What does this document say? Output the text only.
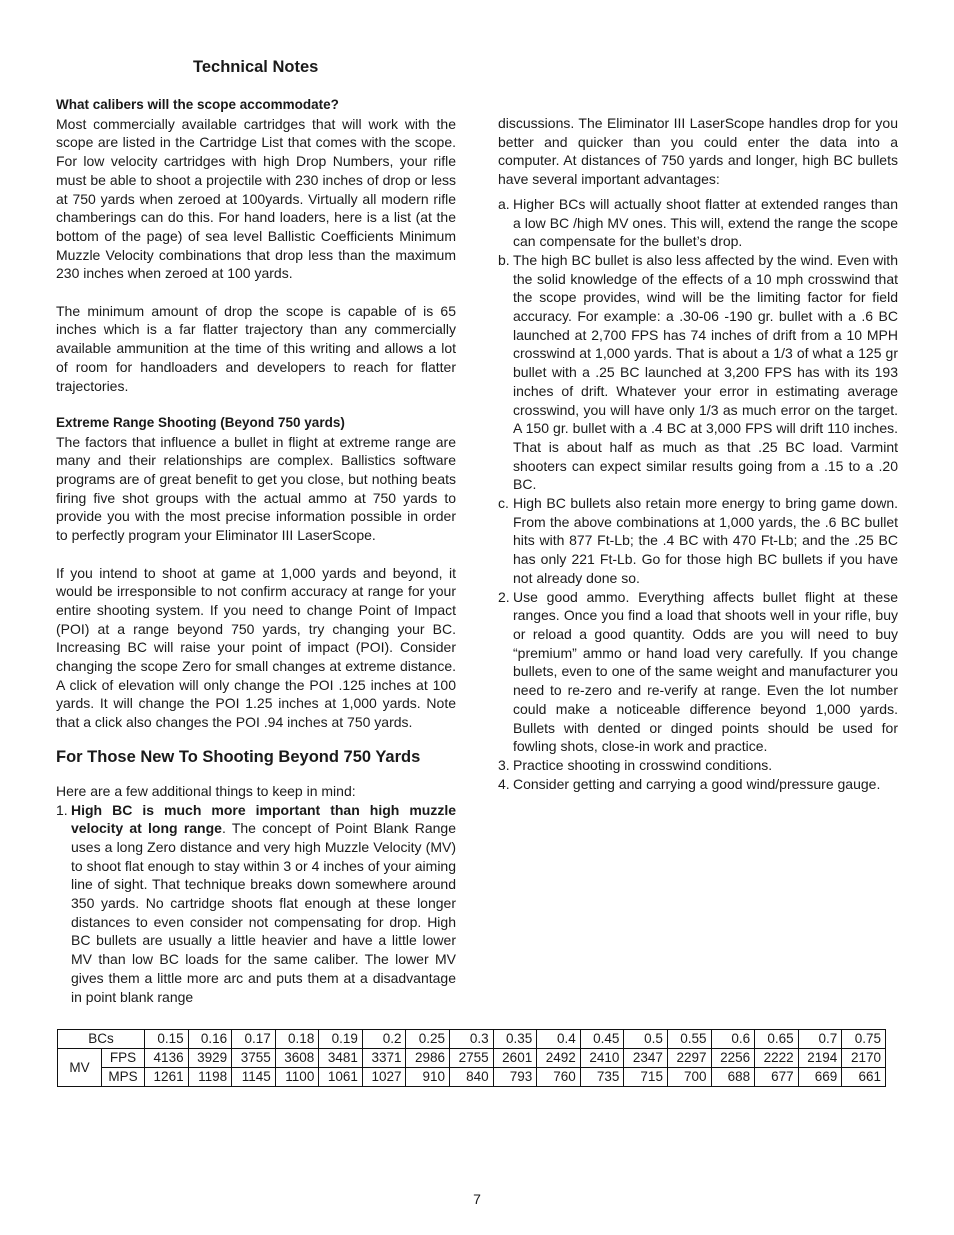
Technical Notes
What calibers will the scope accommodate?

Most commercially available cartridges that will work with the scope are listed in the Cartridge List that comes with the scope. For low velocity cartridges with high Drop Numbers, your rifle must be able to shoot a projectile with 230 inches of drop or less at 750 yards when zeroed at 100yards. Virtually all modern rifle chamberings can do this. For hand loaders, here is a list (at the bottom of the page) of sea level Ballistic Coefficients Minimum Muzzle Velocity combinations that drop less than the maximum 230 inches when zeroed at 100 yards.

The minimum amount of drop the scope is capable of is 65 inches which is a far flatter trajectory than any commercially available ammunition at the time of this writing and allows a lot of room for handloaders and developers to reach for flatter trajectories.

Extreme Range Shooting (Beyond 750 yards)

The factors that influence a bullet in flight at extreme range are many and their relationships are complex. Ballistics software programs are of great benefit to get you close, but nothing beats firing five shot groups with the actual ammo at 750 yards to provide you with the most precise information possible in order to perfectly program your Eliminator III LaserScope.

If you intend to shoot at game at 1,000 yards and beyond, it would be irresponsible to not confirm accuracy at range for your entire shooting system. If you need to change Point of Impact (POI) at a range beyond 750 yards, try changing your BC. Increasing BC will raise your point of impact (POI). Consider changing the scope Zero for small changes at extreme distance. A click of elevation will only change the POI .125 inches at 100 yards. It will change the POI 1.25 inches at 1,000 yards. Note that a click also changes the POI .94 inches at 750 yards.

For Those New To Shooting Beyond 750 Yards

Here are a few additional things to keep in mind:

1. High BC is much more important than high muzzle velocity at long range. The concept of Point Blank Range uses a long Zero distance and very high Muzzle Velocity (MV) to shoot flat enough to stay within 3 or 4 inches of your aiming line of sight. That technique breaks down somewhere around 350 yards. No cartridge shoots flat enough at these longer distances to even consider not compensating for drop. High BC bullets are usually a little heavier and have a little lower MV than low BC loads for the same caliber. The lower MV gives them a little more arc and puts them at a disadvantage in point blank range

discussions. The Eliminator III LaserScope handles drop for you better and quicker than you could enter the data into a computer. At distances of 750 yards and longer, high BC bullets have several important advantages:

a. Higher BCs will actually shoot flatter at extended ranges than a low BC /high MV ones. This will, extend the range the scope can compensate for the bullet’s drop.
b. The high BC bullet is also less affected by the wind. Even with the solid knowledge of the effects of a 10 mph crosswind that the scope provides, wind will be the limiting factor for field accuracy. For example: a .30-06 -190 gr. bullet with a .6 BC launched at 2,700 FPS has 74 inches of drift from a 10 MPH crosswind at 1,000 yards. That is about a 1/3 of what a 125 gr bullet with a .25 BC launched at 3,200 FPS has with its 193 inches of drift. Whatever your error in estimating average crosswind, you will have only 1/3 as much error on the target. A 150 gr. bullet with a .4 BC at 3,000 FPS will drift 110 inches. That is about half as much as that .25 BC load. Varmint shooters can expect similar results going from a .15 to a .20 BC.
c. High BC bullets also retain more energy to bring game down. From the above combinations at 1,000 yards, the .6 BC bullet hits with 877 Ft-Lb; the .4 BC with 470 Ft-Lb; and the .25 BC has only 221 Ft-Lb. Go for those high BC bullets if you have not already done so.
2. Use good ammo. Everything affects bullet flight at these ranges. Once you find a load that shoots well in your rifle, buy or reload a good quantity. Odds are you will need to buy “premium” ammo or hand load very carefully. If you change bullets, even to one of the same weight and manufacturer you need to re-zero and re-verify at range. Even the lot number could make a noticeable difference beyond 1,000 yards. Bullets with dented or dinged points should be used for fowling shots, close-in work and practice.
3. Practice shooting in crosswind conditions.
4. Consider getting and carrying a good wind/pressure gauge.
BCs		0.15	0.16	0.17	0.18	0.19	0.2	0.25	0.3	0.35	0.4	0.45	0.5	0.55	0.6	0.65	0.7	0.75
MV	FPS	4136	3929	3755	3608	3481	3371	2986	2755	2601	2492	2410	2347	2297	2256	2222	2194	2170
	MPS	1261	1198	1145	1100	1061	1027	910	840	793	760	735	715	700	688	677	669	661
7
